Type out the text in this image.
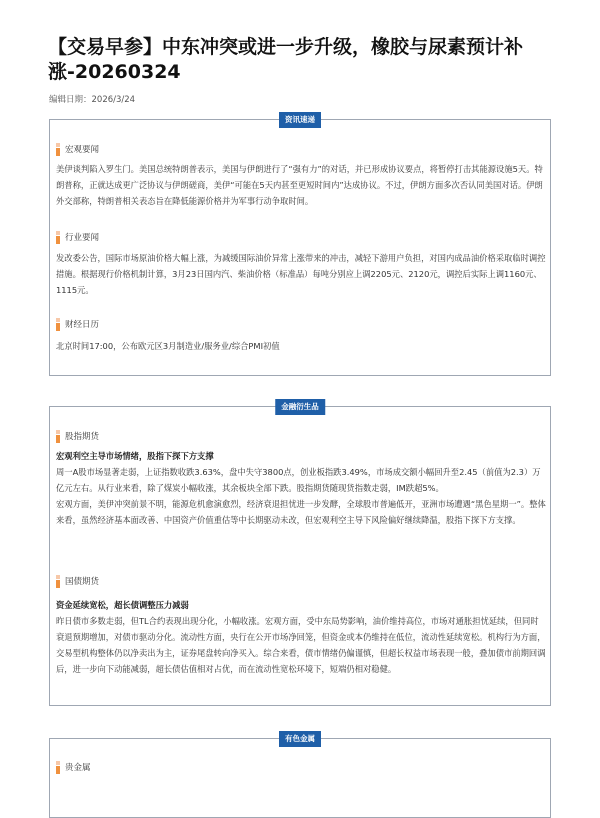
【交易早参】中东冲突或进一步升级，橡胶与尿素预计补涨-20260324
编辑日期：2026/3/24
资讯速递
宏观要闻

美伊谈判陷入罗生门。美国总统特朗普表示，美国与伊朗进行了“强有力”的对话，并已形成协议要点，将暂停打击其能源设施5天。特朗普称，正就达成更广泛协议与伊朗磋商，美伊“可能在5天内甚至更短时间内”达成协议。不过，伊朗方面多次否认同美国对话。伊朗外交部称，特朗普相关表态旨在降低能源价格并为军事行动争取时间。

行业要闻

发改委公告，国际市场原油价格大幅上涨，为减缓国际油价异常上涨带来的冲击，减轻下游用户负担，对国内成品油价格采取临时调控措施。根据现行价格机制计算，3月23日国内汽、柴油价格（标准品）每吨分别应上调2205元、2120元，调控后实际上调1160元、1115元。

财经日历

北京时间17:00，公布欧元区3月制造业/服务业/综合PMI初值

金融衍生品
股指期货

宏观利空主导市场情绪，股指下探下方支撑

周一A股市场显著走弱，上证指数收跌3.63%，盘中失守3800点，创业板指跌3.49%，市场成交额小幅回升至2.45（前值为2.3）万亿元左右。从行业来看，除了煤炭小幅收涨，其余板块全部下跌。股指期货随现货指数走弱，IM跌超5%。

宏观方面，美伊冲突前景不明，能源危机愈演愈烈，经济衰退担忧进一步发酵，全球股市普遍低开，亚洲市场遭遇“黑色星期一”。整体来看，虽然经济基本面改善、中国资产价值重估等中长期驱动未改，但宏观利空主导下风险偏好继续降温，股指下探下方支撑。

国债期货

资金延续宽松，超长债调整压力减弱

昨日债市多数走弱，但TL合约表现出现分化，小幅收涨。宏观方面，受中东局势影响，油价维持高位，市场对通胀担忧延续，但同时衰退预期增加，对债市驱动分化。流动性方面，央行在公开市场净回笼，但资金或本仍维持在低位，流动性延续宽松。机构行为方面，交易型机构整体仍以净卖出为主，证券尾盘转向净买入。综合来看，债市情绪仍偏谨慎，但超长权益市场表现一般，叠加债市前期回调后，进一步向下动能减弱，超长债估值相对占优，而在流动性宽松环境下，短端仍相对稳健。

有色金属
贵金属
